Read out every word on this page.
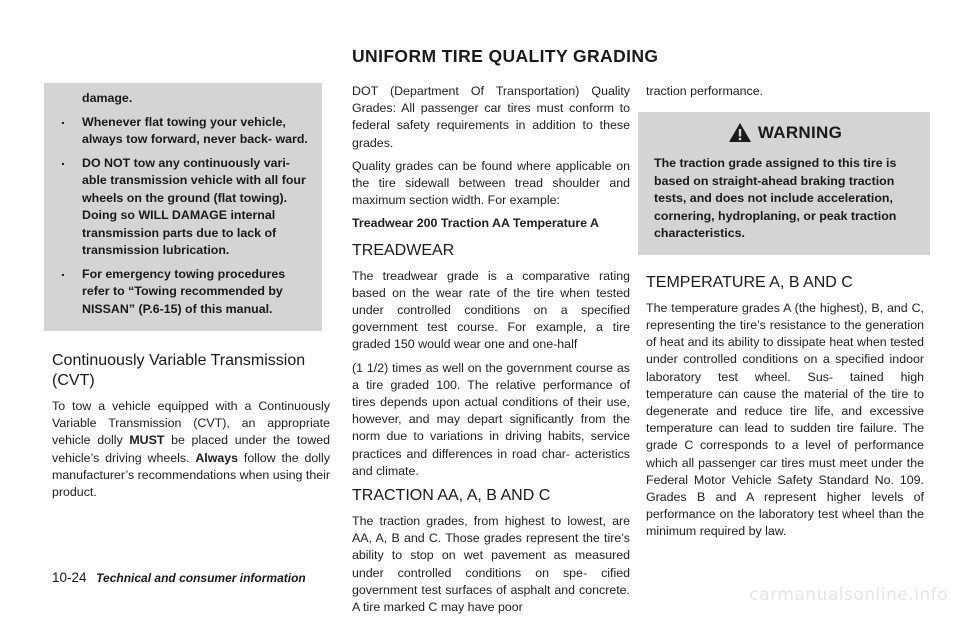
UNIFORM TIRE QUALITY GRADING
damage.
. Whenever flat towing your vehicle, always tow forward, never back- ward.
. DO NOT tow any continuously vari- able transmission vehicle with all four wheels on the ground (flat towing). Doing so WILL DAMAGE internal transmission parts due to lack of transmission lubrication.
. For emergency towing procedures refer to “Towing recommended by NISSAN” (P.6-15) of this manual.
Continuously Variable Transmission (CVT)

To tow a vehicle equipped with a Continuously Variable Transmission (CVT), an appropriate vehicle dolly MUST be placed under the towed vehicle’s driving wheels. Always follow the dolly manufacturer’s recommendations when using their product.

DOT (Department Of Transportation) Quality Grades: All passenger car tires must conform to federal safety requirements in addition to these grades.

Quality grades can be found where applicable on the tire sidewall between tread shoulder and maximum section width. For example:

Treadwear 200 Traction AA Temperature A

TREADWEAR

The treadwear grade is a comparative rating based on the wear rate of the tire when tested under controlled conditions on a specified government test course. For example, a tire graded 150 would wear one and one-half

(1 1/2) times as well on the government course as a tire graded 100. The relative performance of tires depends upon actual conditions of their use, however, and may depart significantly from the norm due to variations in driving habits, service practices and differences in road char- acteristics and climate.

TRACTION AA, A, B AND C

The traction grades, from highest to lowest, are AA, A, B and C. Those grades represent the tire’s ability to stop on wet pavement as measured under controlled conditions on spe- cified government test surfaces of asphalt and concrete. A tire marked C may have poor

traction performance.

WARNING

The traction grade assigned to this tire is based on straight-ahead braking traction tests, and does not include acceleration, cornering, hydroplaning, or peak traction characteristics.

TEMPERATURE A, B AND C

The temperature grades A (the highest), B, and C, representing the tire’s resistance to the generation of heat and its ability to dissipate heat when tested under controlled conditions on a specified indoor laboratory test wheel. Sus- tained high temperature can cause the material of the tire to degenerate and reduce tire life, and excessive temperature can lead to sudden tire failure. The grade C corresponds to a level of performance which all passenger car tires must meet under the Federal Motor Vehicle Safety Standard No. 109. Grades B and A represent higher levels of performance on the laboratory test wheel than the minimum required by law.

10-24 Technical and consumer information
carmanualsonline.info
